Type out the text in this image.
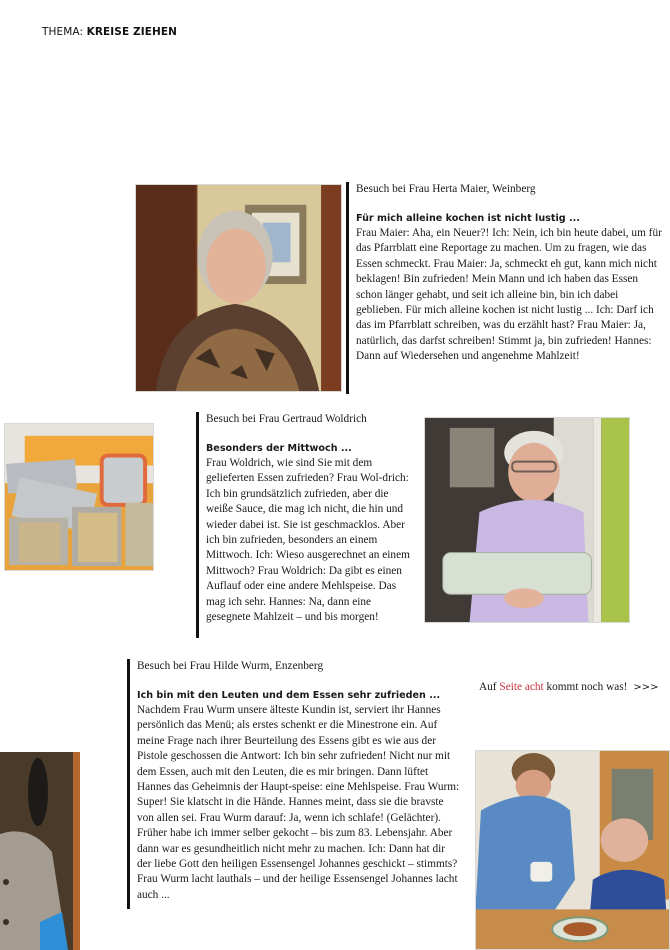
THEMA: KREISE ZIEHEN
Besuch bei Frau Herta Maier, Weinberg
Für mich alleine kochen ist nicht lustig ...
Frau Maier: Aha, ein Neuer?! Ich: Nein, ich bin heute dabei, um für das Pfarrblatt eine Reportage zu machen. Um zu fragen, wie das Essen schmeckt. Frau Maier: Ja, schmeckt eh gut, kann mich nicht beklagen! Bin zufrieden! Mein Mann und ich haben das Essen schon länger gehabt, und seit ich alleine bin, bin ich dabei geblieben. Für mich alleine kochen ist nicht lustig ... Ich: Darf ich das im Pfarrblatt schreiben, was du erzählt hast? Frau Maier: Ja, natürlich, das darfst schreiben! Stimmt ja, bin zufrieden! Hannes: Dann auf Wiedersehen und angenehme Mahlzeit!
Besuch bei Frau Gertraud Woldrich
Besonders der Mittwoch ...
Frau Woldrich, wie sind Sie mit dem gelieferten Essen zufrieden? Frau Wol-drich: Ich bin grundsätzlich zufrieden, aber die weiße Sauce, die mag ich nicht, die hin und wieder dabei ist. Sie ist geschmacklos. Aber ich bin zufrieden, besonders an einem Mittwoch. Ich: Wieso ausgerechnet an einem Mittwoch? Frau Woldrich: Da gibt es einen Auflauf oder eine andere Mehlspeise. Das mag ich sehr. Hannes: Na, dann eine gesegnete Mahlzeit – und bis morgen!
Besuch bei Frau Hilde Wurm, Enzenberg
Ich bin mit den Leuten und dem Essen sehr zufrieden ...
Nachdem Frau Wurm unsere älteste Kundin ist, serviert ihr Hannes persönlich das Menü; als erstes schenkt er die Minestrone ein. Auf meine Frage nach ihrer Beurteilung des Essens gibt es wie aus der Pistole geschossen die Antwort: Ich bin sehr zufrieden! Nicht nur mit dem Essen, auch mit den Leuten, die es mir bringen. Dann lüftet Hannes das Geheimnis der Haupt-speise: eine Mehlspeise. Frau Wurm: Super! Sie klatscht in die Hände. Hannes meint, dass sie die bravste von allen sei. Frau Wurm darauf: Ja, wenn ich schlafe! (Gelächter). Früher habe ich immer selber gekocht – bis zum 83. Lebensjahr. Aber dann war es gesundheitlich nicht mehr zu machen. Ich: Dann hat dir der liebe Gott den heiligen Essensengel Johannes geschickt – stimmts? Frau Wurm lacht lauthals – und der heilige Essensengel Johannes lacht auch ...
Auf Seite acht kommt noch was! >>>
